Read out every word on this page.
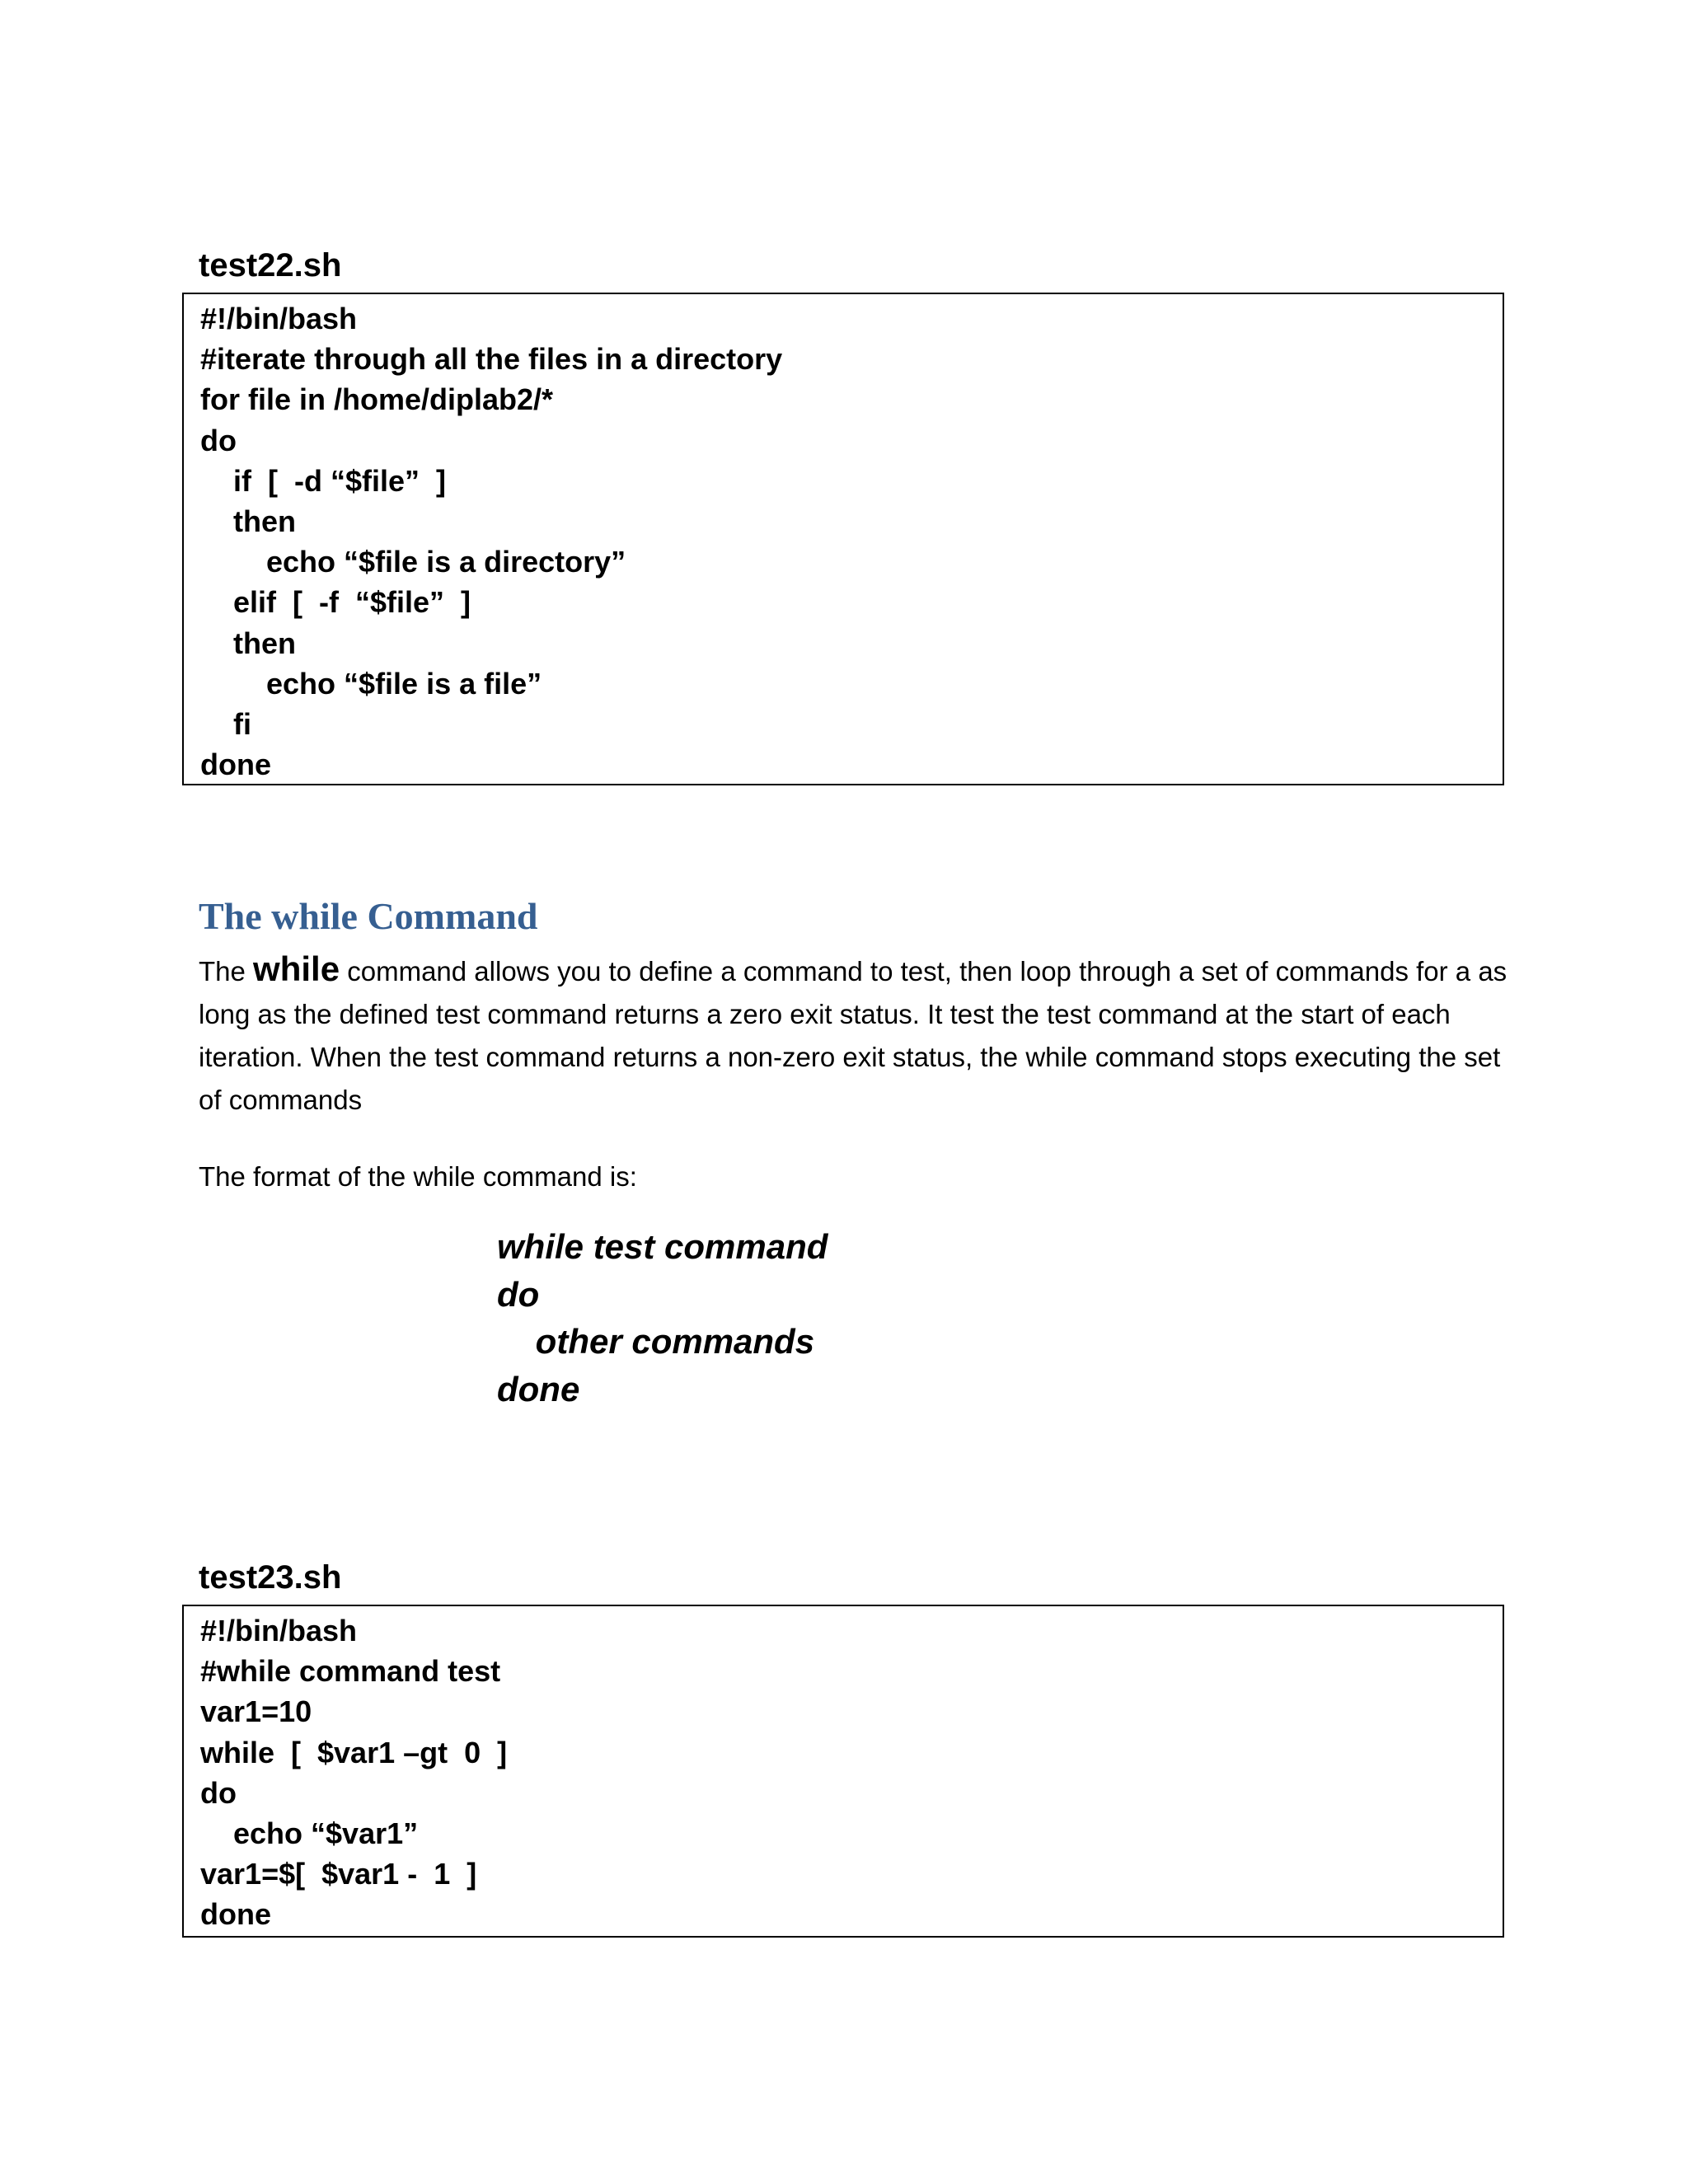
test22.sh
#!/bin/bash
#iterate through all the files in a directory
for file in /home/diplab2/*
do
if  [  -d “$file”  ]
then
echo “$file is a directory”
elif  [  -f  “$file”  ]
then
echo “$file is a file”
fi
done
The while Command

The while command allows you to define a command to test, then loop through a set of commands for a as long as the defined test command returns a zero exit status. It test the test command at the start of each iteration. When the test command returns a non-zero exit status, the while command stops executing the set of commands

The format of the while command is:

while test command
do
other commands
done
test23.sh
#!/bin/bash
#while command test
var1=10
while  [  $var1 –gt  0  ]
do
echo “$var1”
var1=$[  $var1 -  1  ]
done
